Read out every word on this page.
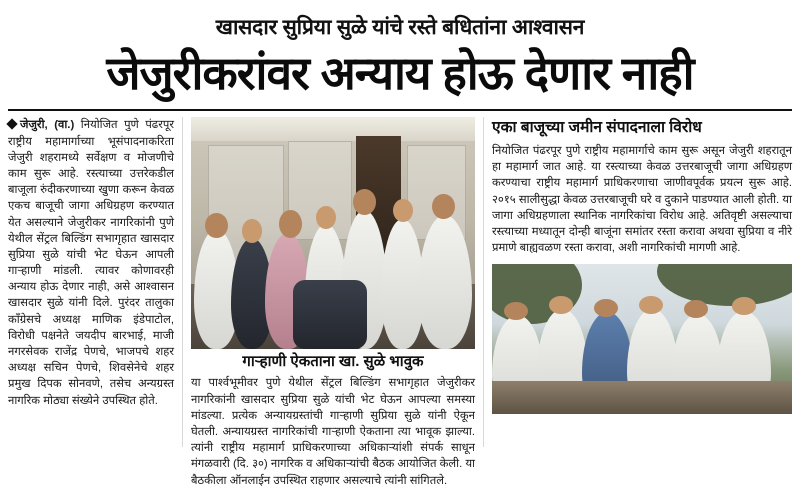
खासदार सुप्रिया सुळे यांचे रस्ते बधितांना आश्वासन
जेजुरीकरांवर अन्याय होऊ देणार नाही

जेजुरी, (वा.) नियोजित पुणे पंढरपूर राष्ट्रीय महामार्गाच्या भूसंपादनाकरिता जेजुरी शहरामध्ये सर्वेक्षण व मोजणीचे काम सुरू आहे. रस्त्याच्या उत्तरेकडील बाजूला रुंदीकरणाच्या खुणा करून केवळ एकच बाजूची जागा अधिग्रहण करण्यात येत असल्याने जेजुरीकर नागरिकांनी पुणे येथील सेंट्रल बिल्डिंग सभागृहात खासदार सुप्रिया सुळे यांची भेट घेऊन आपली गाऱ्हाणी मांडली. त्यावर कोणावरही अन्याय होऊ देणार नाही, असे आश्वासन खासदार सुळे यांनी दिले. पुरंदर तालुका काँग्रेसचे अध्यक्ष माणिक इंडेपाटोल, विरोधी पक्षनेते जयदीप बारभाई, माजी नगरसेवक राजेंद्र पेणचे, भाजपचे शहर अध्यक्ष सचिन पेणचे, शिवसेनेचे शहर प्रमुख दिपक सोनवणे, तसेच अन्यग्रस्त नागरिक मोठ्या संख्येने उपस्थित होते.

गाऱ्हाणी ऐकताना खा. सुळे भावुक

या पार्श्वभूमीवर पुणे येथील सेंट्रल बिल्डिंग सभागृहात जेजुरीकर नागरिकांनी खासदार सुप्रिया सुळे यांची भेट घेऊन आपल्या समस्या मांडल्या. प्रत्येक अन्यायग्रस्तांची गाऱ्हाणी सुप्रिया सुळे यांनी ऐकून घेतली. अन्यायग्रस्त नागरिकांची गाऱ्हाणी ऐकताना त्या भावूक झाल्या. त्यांनी राष्ट्रीय महामार्ग प्राधिकरणाच्या अधिकाऱ्यांशी संपर्क साधून मंगळवारी (दि. ३०) नागरिक व अधिकाऱ्यांची बैठक आयोजित केली. या बैठकीला ऑनलाईन उपस्थित राहणार असल्याचे त्यांनी सांगितले.

एका बाजूच्या जमीन संपादनाला विरोध

नियोजित पंढरपूर पुणे राष्ट्रीय महामार्गाचे काम सुरू असून जेजुरी शहरातून हा महामार्ग जात आहे. या रस्त्याच्या केवळ उत्तरबाजूची जागा अधिग्रहण करण्याचा राष्ट्रीय महामार्ग प्राधिकरणाचा जाणीवपूर्वक प्रयत्न सुरू आहे. २०१५ सालीसुद्धा केवळ उत्तरबाजूची घरे व दुकाने पाडण्यात आली होती. या जागा अधिग्रहणाला स्थानिक नागरिकांचा विरोध आहे. अतिवृष्टी असल्याचा रस्त्याच्या मध्यातून दोन्ही बाजूंना समांतर रस्ता करावा अथवा सुप्रिया व नीरे प्रमाणे बाह्यवळण रस्ता करावा, अशी नागरिकांची मागणी आहे.
